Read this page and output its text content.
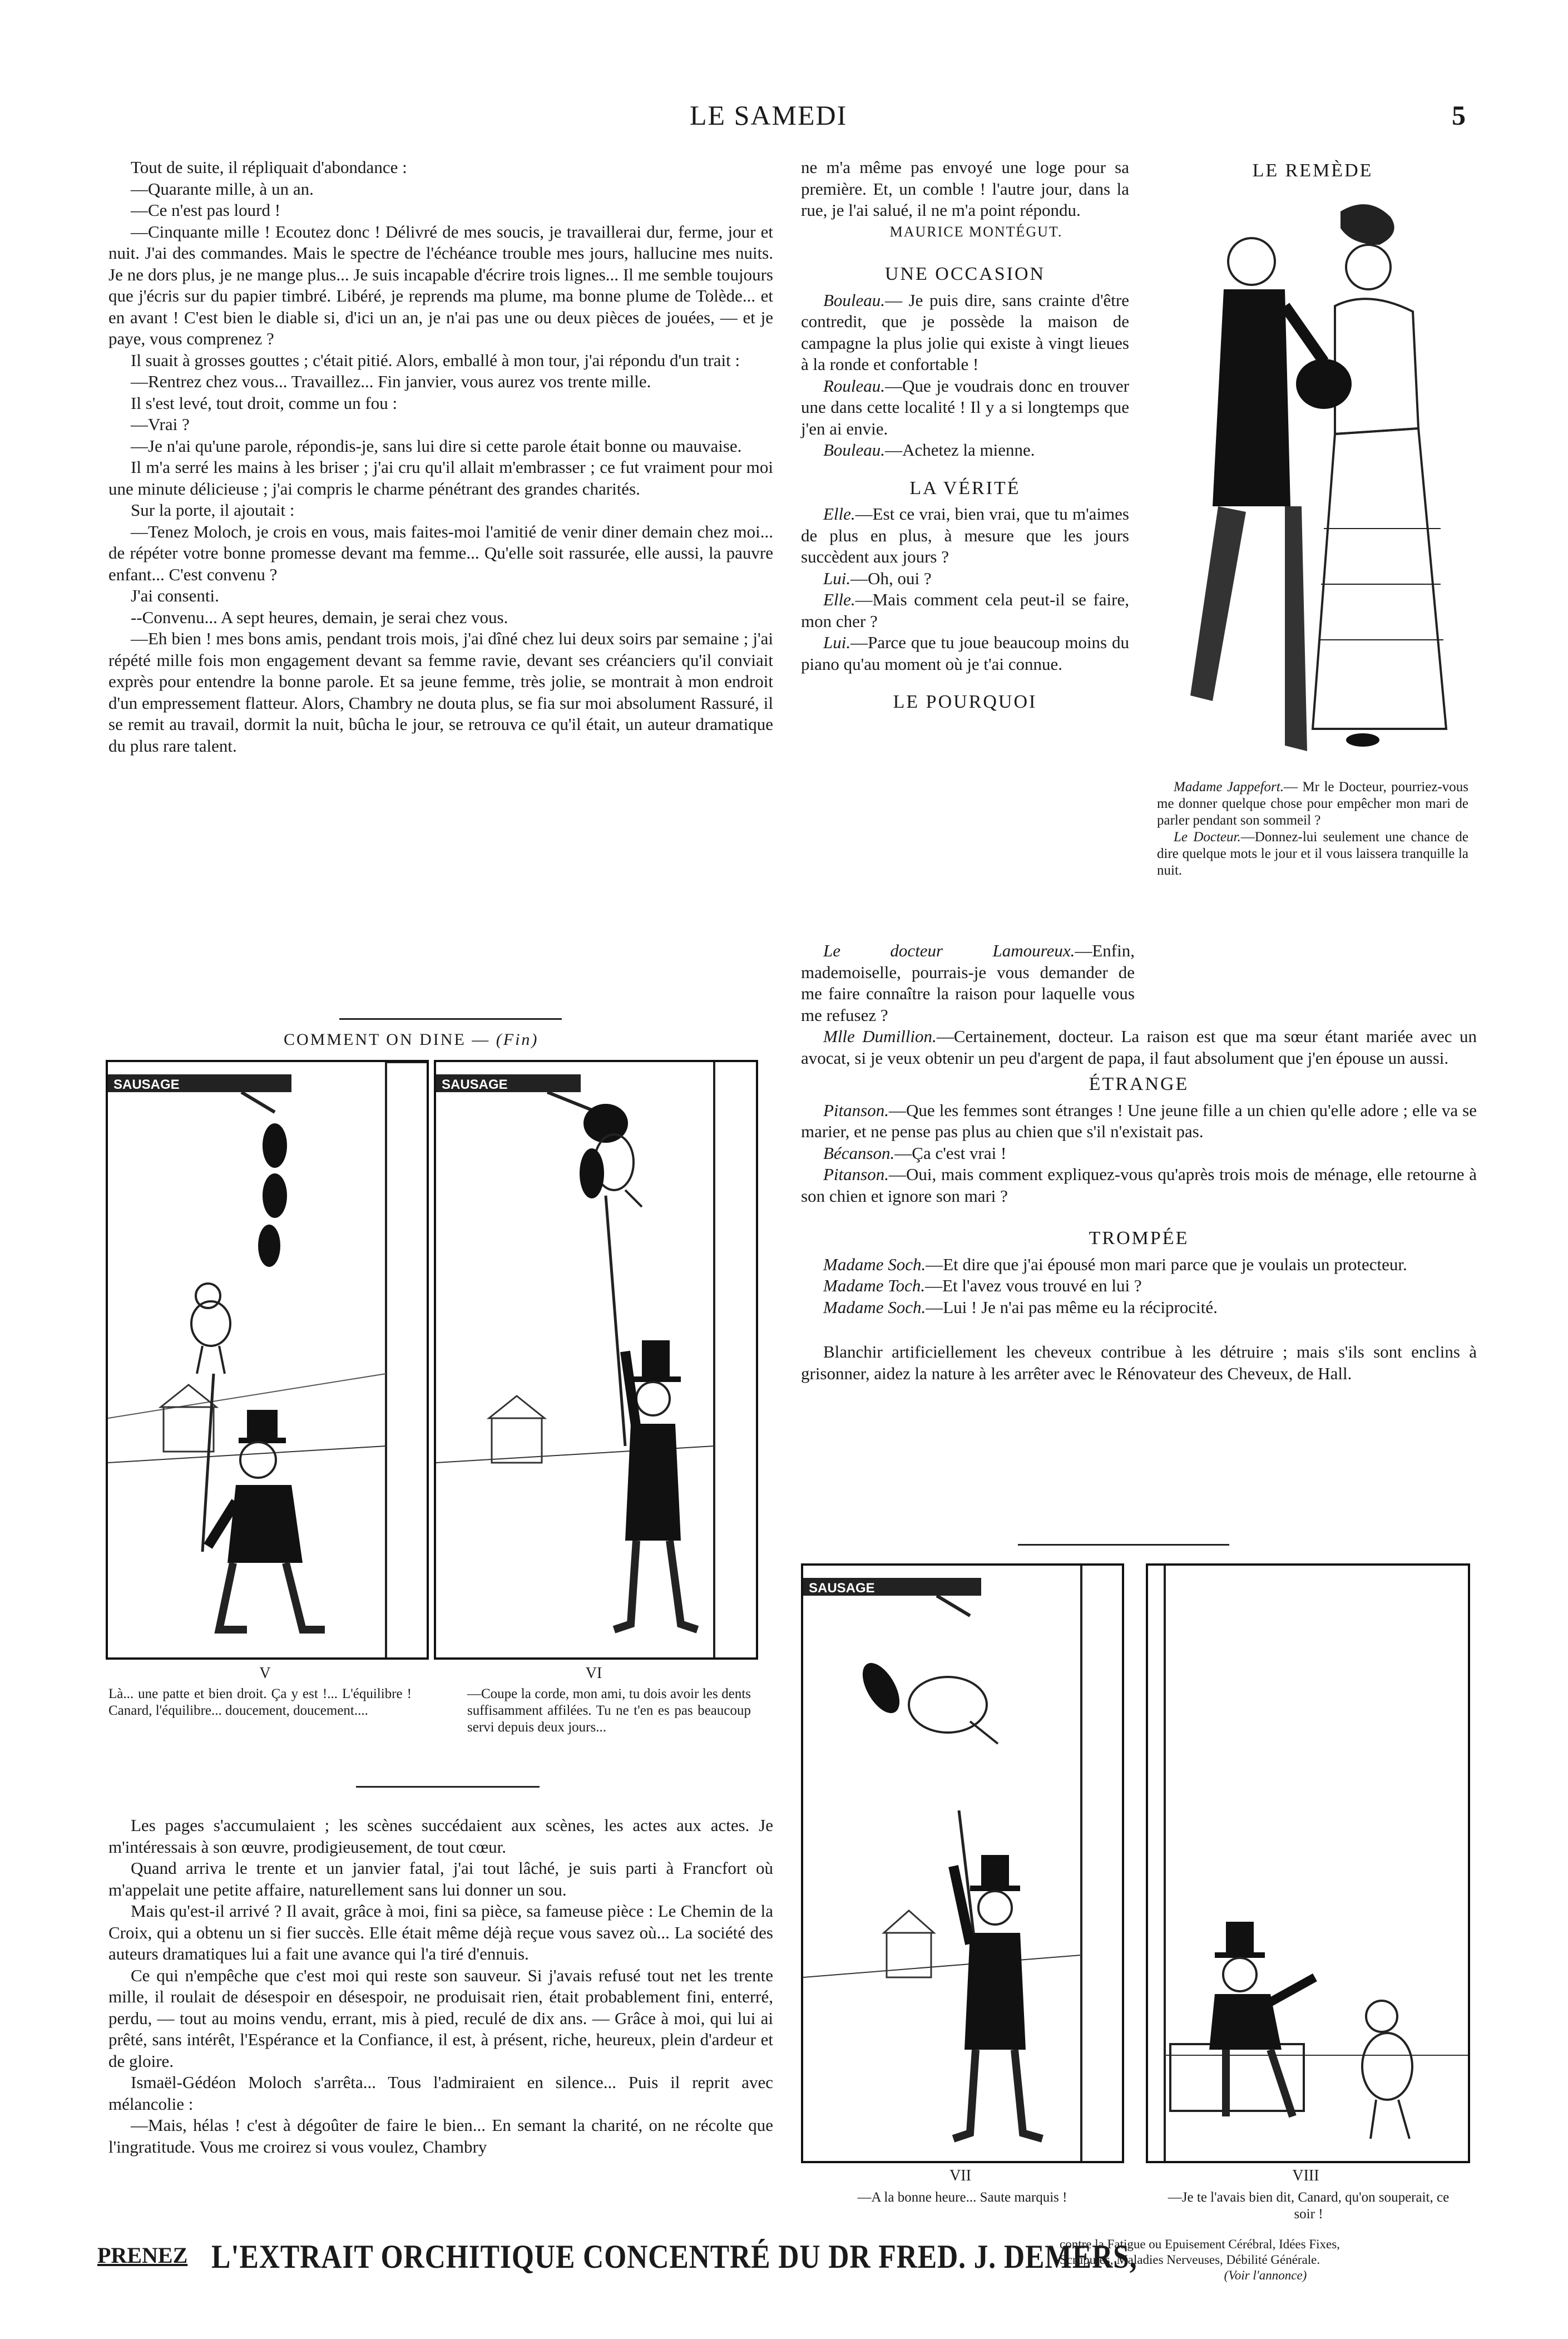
LE SAMEDI	5

Tout de suite, il répliquait d'abondance :

—Quarante mille, à un an.

—Ce n'est pas lourd !

—Cinquante mille ! Ecoutez donc ! Délivré de mes soucis, je travaillerai dur, ferme, jour et nuit. J'ai des commandes. Mais le spectre de l'échéance trouble mes jours, hallucine mes nuits. Je ne dors plus, je ne mange plus... Je suis incapable d'écrire trois lignes... Il me semble toujours que j'écris sur du papier timbré. Libéré, je reprends ma plume, ma bonne plume de Tolède... et en avant ! C'est bien le diable si, d'ici un an, je n'ai pas une ou deux pièces de jouées, — et je paye, vous comprenez ?

Il suait à grosses gouttes ; c'était pitié. Alors, emballé à mon tour, j'ai répondu d'un trait :

—Rentrez chez vous... Travaillez... Fin janvier, vous aurez vos trente mille.

Il s'est levé, tout droit, comme un fou :

—Vrai ?

—Je n'ai qu'une parole, répondis-je, sans lui dire si cette parole était bonne ou mauvaise.

Il m'a serré les mains à les briser ; j'ai cru qu'il allait m'embrasser ; ce fut vraiment pour moi une minute délicieuse ; j'ai compris le charme pénétrant des grandes charités.

Sur la porte, il ajoutait :

—Tenez Moloch, je crois en vous, mais faites-moi l'amitié de venir diner demain chez moi... de répéter votre bonne promesse devant ma femme... Qu'elle soit rassurée, elle aussi, la pauvre enfant... C'est convenu ?

J'ai consenti.

--Convenu... A sept heures, demain, je serai chez vous.

—Eh bien ! mes bons amis, pendant trois mois, j'ai dîné chez lui deux soirs par semaine ; j'ai répété mille fois mon engagement devant sa femme ravie, devant ses créanciers qu'il conviait exprès pour entendre la bonne parole. Et sa jeune femme, très jolie, se montrait à mon endroit d'un empressement flatteur. Alors, Chambry ne douta plus, se fia sur moi absolument Rassuré, il se remit au travail, dormit la nuit, bûcha le jour, se retrouva ce qu'il était, un auteur dramatique du plus rare talent.

COMMENT ON DINE — (Fin)
SAUSAGE
V
Là... une patte et bien droit. Ça y est !... L'équilibre ! Canard, l'équilibre... doucement, doucement....
SAUSAGE
VI
—Coupe la corde, mon ami, tu dois avoir les dents suffisamment affilées. Tu ne t'en es pas beaucoup servi depuis deux jours...

Les pages s'accumulaient ; les scènes succédaient aux scènes, les actes aux actes. Je m'intéressais à son œuvre, prodigieusement, de tout cœur.

Quand arriva le trente et un janvier fatal, j'ai tout lâché, je suis parti à Francfort où m'appelait une petite affaire, naturellement sans lui donner un sou.

Mais qu'est-il arrivé ? Il avait, grâce à moi, fini sa pièce, sa fameuse pièce : Le Chemin de la Croix, qui a obtenu un si fier succès. Elle était même déjà reçue vous savez où... La société des auteurs dramatiques lui a fait une avance qui l'a tiré d'ennuis.

Ce qui n'empêche que c'est moi qui reste son sauveur. Si j'avais refusé tout net les trente mille, il roulait de désespoir en désespoir, ne produisait rien, était probablement fini, enterré, perdu, — tout au moins vendu, errant, mis à pied, reculé de dix ans. — Grâce à moi, qui lui ai prêté, sans intérêt, l'Espérance et la Confiance, il est, à présent, riche, heureux, plein d'ardeur et de gloire.

Ismaël-Gédéon Moloch s'arrêta... Tous l'admiraient en silence... Puis il reprit avec mélancolie :

—Mais, hélas ! c'est à dégoûter de faire le bien... En semant la charité, on ne récolte que l'ingratitude. Vous me croirez si vous voulez, Chambry

ne m'a même pas envoyé une loge pour sa première. Et, un comble ! l'autre jour, dans la rue, je l'ai salué, il ne m'a point répondu.

MAURICE MONTÉGUT.

UNE OCCASION

Bouleau.— Je puis dire, sans crainte d'être contredit, que je possède la maison de campagne la plus jolie qui existe à vingt lieues à la ronde et confortable !

Rouleau.—Que je voudrais donc en trouver une dans cette localité ! Il y a si longtemps que j'en ai envie.

Bouleau.—Achetez la mienne.

LA VÉRITÉ

Elle.—Est ce vrai, bien vrai, que tu m'aimes de plus en plus, à mesure que les jours succèdent aux jours ?

Lui.—Oh, oui ?

Elle.—Mais comment cela peut-il se faire, mon cher ?

Lui.—Parce que tu joue beaucoup moins du piano qu'au moment où je t'ai connue.

LE POURQUOI

Le docteur Lamoureux.—Enfin, mademoiselle, pourrais-je vous demander de me faire connaître la raison pour laquelle vous me refusez ?

Mlle Dumillion.—Certainement, docteur. La raison est que ma sœur étant mariée avec un avocat, si je veux obtenir un peu d'argent de papa, il faut absolument que j'en épouse un aussi.

LE REMÈDE

Madame Jappefort.— Mr le Docteur, pourriez-vous me donner quelque chose pour empêcher mon mari de parler pendant son sommeil ?

Le Docteur.—Donnez-lui seulement une chance de dire quelque mots le jour et il vous laissera tranquille la nuit.

ÉTRANGE

Pitanson.—Que les femmes sont étranges ! Une jeune fille a un chien qu'elle adore ; elle va se marier, et ne pense pas plus au chien que s'il n'existait pas.

Bécanson.—Ça c'est vrai !

Pitanson.—Oui, mais comment expliquez-vous qu'après trois mois de ménage, elle retourne à son chien et ignore son mari ?

TROMPÉE

Madame Soch.—Et dire que j'ai épousé mon mari parce que je voulais un protecteur.

Madame Toch.—Et l'avez vous trouvé en lui ?

Madame Soch.—Lui ! Je n'ai pas même eu la réciprocité.

Blanchir artificiellement les cheveux contribue à les détruire ; mais s'ils sont enclins à grisonner, aidez la nature à les arrêter avec le Rénovateur des Cheveux, de Hall.

SAUSAGE
VII
—A la bonne heure... Saute marquis !
VIII
—Je te l'avais bien dit, Canard, qu'on souperait, ce soir !
PRENEZ L'EXTRAIT ORCHITIQUE CONCENTRÉ DU DR FRED. J. DEMERS,
contre la Fatigue ou Epuisement Cérébral, Idées Fixes,
Scrupules, Maladies Nerveuses, Débilité Générale.
(Voir l'annonce)
